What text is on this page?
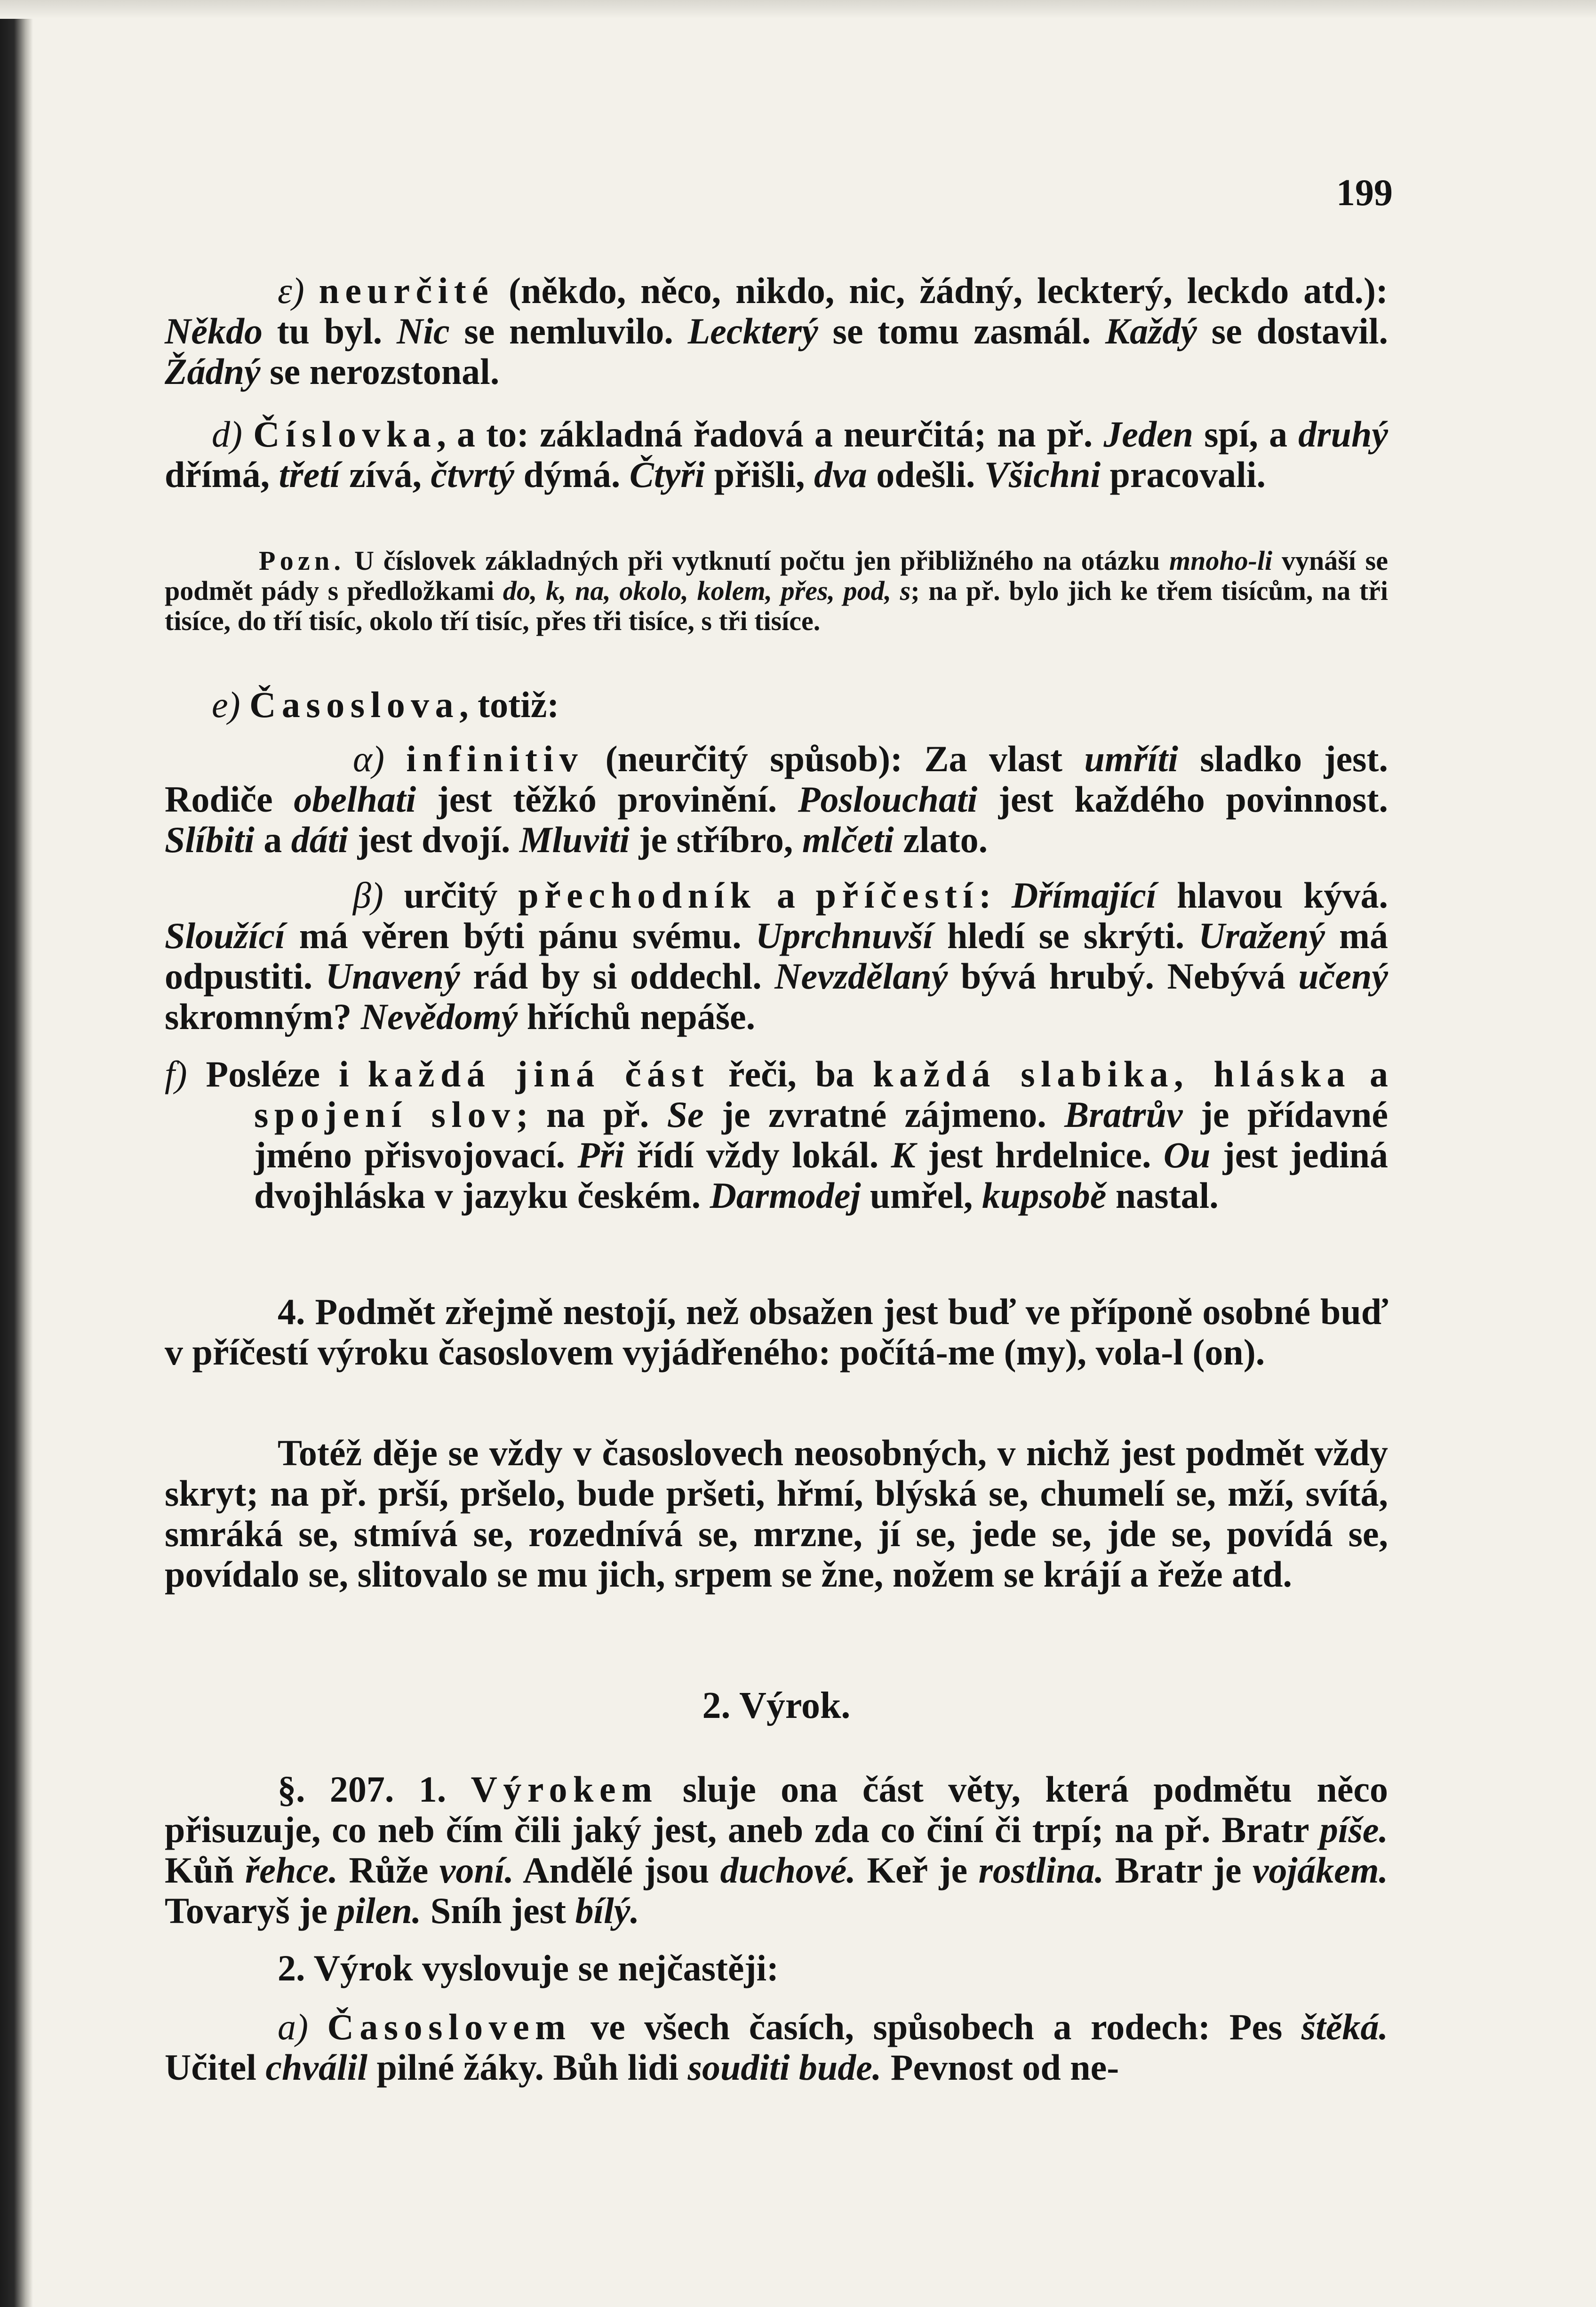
199

ε) neurčité (někdo, něco, nikdo, nic, žádný, leckterý, leckdo atd.): Někdo tu byl. Nic se nemluvilo. Leckterý se tomu zasmál. Každý se dostavil. Žádný se nerozstonal.

d) Číslovka, a to: základná řadová a neurčitá; na př. Jeden spí, a druhý dřímá, třetí zívá, čtvrtý dýmá. Čtyři přišli, dva odešli. Všichni pracovali.

Pozn. U číslovek základných při vytknutí počtu jen přibližného na otázku mnoho-li vynáší se podmět pády s předložkami do, k, na, okolo, kolem, přes, pod, s; na př. bylo jich ke třem tisícům, na tři tisíce, do tří tisíc, okolo tří tisíc, přes tři tisíce, s tři tisíce.

e) Časoslova, totiž:

α) infinitiv (neurčitý spůsob): Za vlast umříti sladko jest. Rodiče obelhati jest těžkó provinění. Poslouchati jest každého povinnost. Slíbiti a dáti jest dvojí. Mluviti je stříbro, mlčeti zlato.

β) určitý přechodník a příčestí: Dřímající hlavou kývá. Sloužící má věren býti pánu svému. Uprchnuvší hledí se skrýti. Uražený má odpustiti. Unavený rád by si oddechl. Nevzdělaný bývá hrubý. Nebývá učený skromným? Nevědomý hříchů nepáše.

f) Posléze i každá jiná část řeči, ba každá slabika, hláska a spojení slov; na př. Se je zvratné zájmeno. Bratrův je přídavné jméno přisvojovací. Při řídí vždy lokál. K jest hrdelnice. Ou jest jediná dvojhláska v jazyku českém. Darmodej umřel, kupsobě nastal.

4. Podmět zřejmě nestojí, než obsažen jest buď ve příponě osobné buď v příčestí výroku časoslovem vyjádřeného: počítá-me (my), vola-l (on).

Totéž děje se vždy v časoslovech neosobných, v nichž jest podmět vždy skryt; na př. prší, pršelo, bude pršeti, hřmí, blýská se, chumelí se, mží, svítá, smráká se, stmívá se, rozednívá se, mrzne, jí se, jede se, jde se, povídá se, povídalo se, slitovalo se mu jich, srpem se žne, nožem se krájí a řeže atd.

2. Výrok.

§. 207. 1. Výrokem sluje ona část věty, která podmětu něco přisuzuje, co neb čím čili jaký jest, aneb zda co činí či trpí; na př. Bratr píše. Kůň řehce. Růže voní. Andělé jsou duchové. Keř je rostlina. Bratr je vojákem. Tovaryš je pilen. Sníh jest bílý.

2. Výrok vyslovuje se nejčastěji:

a) Časoslovem ve všech časích, spůsobech a rodech: Pes štěká. Učitel chválil pilné žáky. Bůh lidi souditi bude. Pevnost od ne-
